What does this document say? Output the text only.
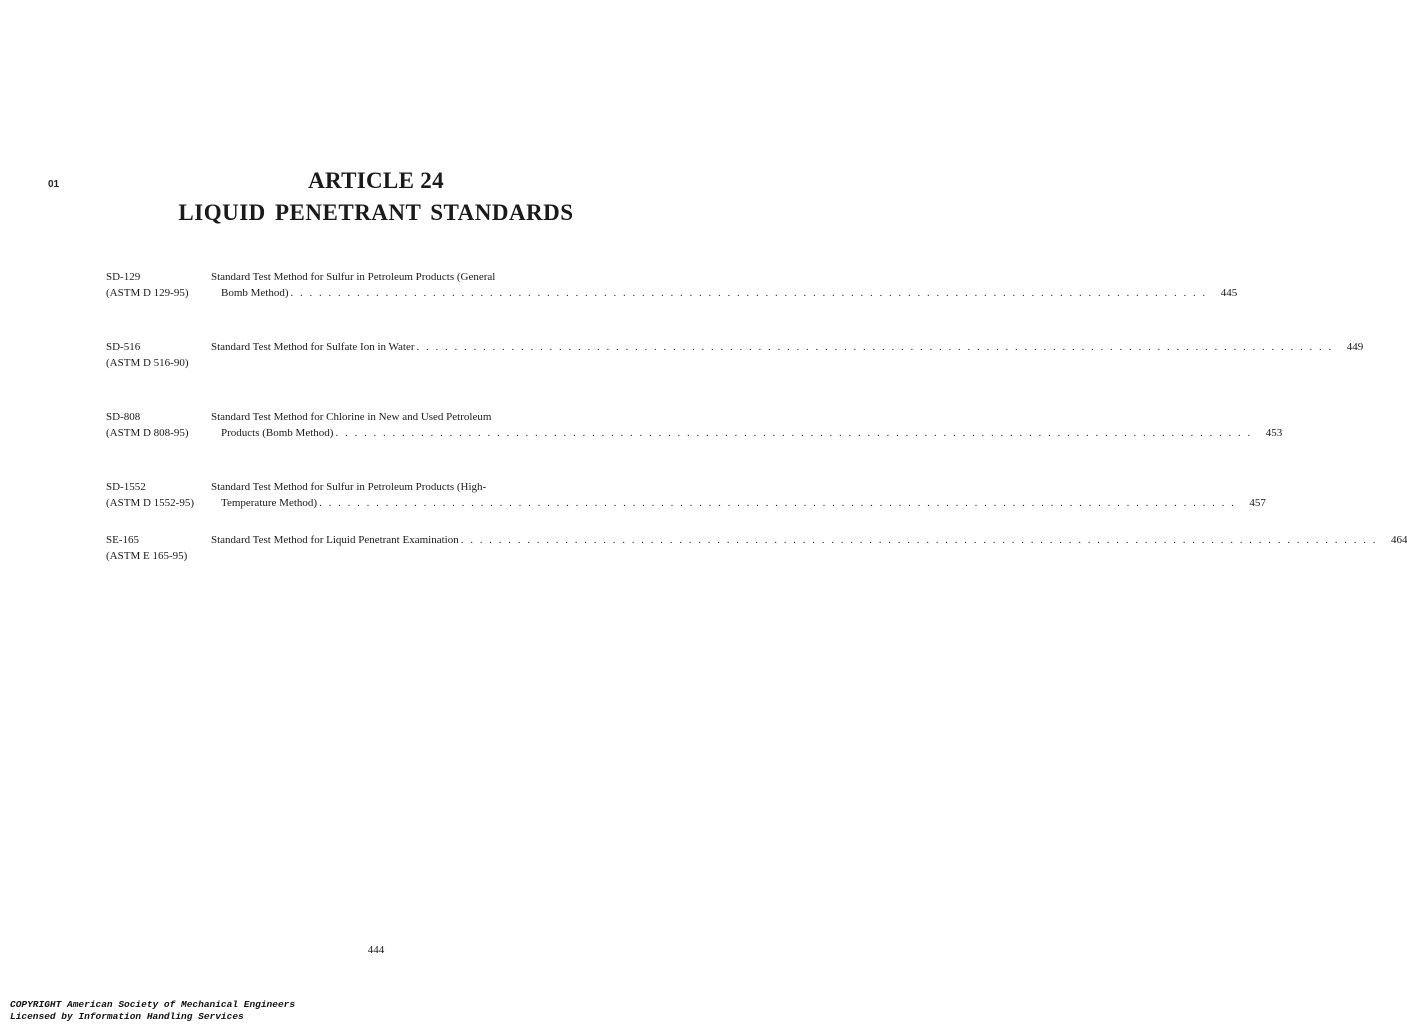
01	ARTICLE 24
LIQUID PENETRANT STANDARDS
SD-129
(ASTM D 129-95)
Standard Test Method for Sulfur in Petroleum Products (General
Bomb Method) . . . . . . . . . . . . . . . . . . . . . . . . . . . . . . . . . . . . . . . . . . . . . . . . . . . . . . . . . . . . . . . . . . . . . . . . . . . . . . . . . . . . . . . . . . . . . . . . .	445
SD-516
(ASTM D 516-90)
Standard Test Method for Sulfate Ion in Water . . . . . . . . . . . . . . . . . . . . . . . . . . . . . . . . . . . . . . . . . . . . . . . . . . . . . . . . . . . . . . . . . . . . . . . . . . . . . . . . . . . . . . . . . . . . . . . . .	449
SD-808
(ASTM D 808-95)
Standard Test Method for Chlorine in New and Used Petroleum
Products (Bomb Method) . . . . . . . . . . . . . . . . . . . . . . . . . . . . . . . . . . . . . . . . . . . . . . . . . . . . . . . . . . . . . . . . . . . . . . . . . . . . . . . . . . . . . . . . . . . . . . . . .	453
SD-1552
(ASTM D 1552-95)
Standard Test Method for Sulfur in Petroleum Products (High-
Temperature Method) . . . . . . . . . . . . . . . . . . . . . . . . . . . . . . . . . . . . . . . . . . . . . . . . . . . . . . . . . . . . . . . . . . . . . . . . . . . . . . . . . . . . . . . . . . . . . . . . .	457
SE-165
(ASTM E 165-95)
Standard Test Method for Liquid Penetrant Examination . . . . . . . . . . . . . . . . . . . . . . . . . . . . . . . . . . . . . . . . . . . . . . . . . . . . . . . . . . . . . . . . . . . . . . . . . . . . . . . . . . . . . . . . . . . . . . . . .	464
444
COPYRIGHT American Society of Mechanical Engineers
Licensed by Information Handling Services
